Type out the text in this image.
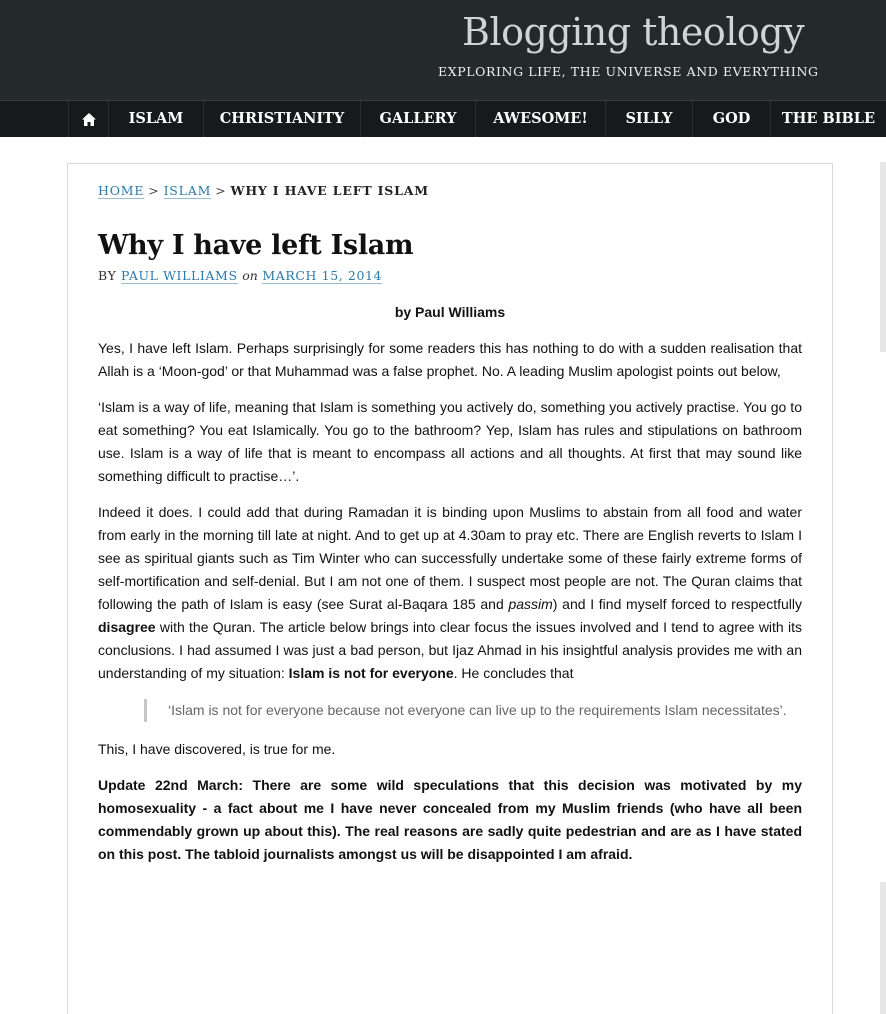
Blogging theology
EXPLORING LIFE, THE UNIVERSE AND EVERYTHING
ISLAM	CHRISTIANITY	GALLERY	AWESOME!	SILLY	GOD	THE BIBLE
HOME > ISLAM > WHY I HAVE LEFT ISLAM
Why I have left Islam
BY PAUL WILLIAMS on MARCH 15, 2014

by Paul Williams

Yes, I have left Islam. Perhaps surprisingly for some readers this has nothing to do with a sudden realisation that Allah is a ‘Moon-god’ or that Muhammad was a false prophet. No. A leading Muslim apologist points out below,

‘Islam is a way of life, meaning that Islam is something you actively do, something you actively practise. You go to eat something? You eat Islamically. You go to the bathroom? Yep, Islam has rules and stipulations on bathroom use. Islam is a way of life that is meant to encompass all actions and all thoughts. At first that may sound like something difficult to practise…’.

Indeed it does. I could add that during Ramadan it is binding upon Muslims to abstain from all food and water from early in the morning till late at night. And to get up at 4.30am to pray etc. There are English reverts to Islam I see as spiritual giants such as Tim Winter who can successfully undertake some of these fairly extreme forms of self-mortification and self-denial. But I am not one of them. I suspect most people are not. The Quran claims that following the path of Islam is easy (see Surat al-Baqara 185 and passim) and I find myself forced to respectfully disagree with the Quran. The article below brings into clear focus the issues involved and I tend to agree with its conclusions. I had assumed I was just a bad person, but Ijaz Ahmad in his insightful analysis provides me with an understanding of my situation: Islam is not for everyone. He concludes that

‘Islam is not for everyone because not everyone can live up to the requirements Islam necessitates’.

This, I have discovered, is true for me.

Update 22nd March: There are some wild speculations that this decision was motivated by my homosexuality - a fact about me I have never concealed from my Muslim friends (who have all been commendably grown up about this). The real reasons are sadly quite pedestrian and are as I have stated on this post. The tabloid journalists amongst us will be disappointed I am afraid.
